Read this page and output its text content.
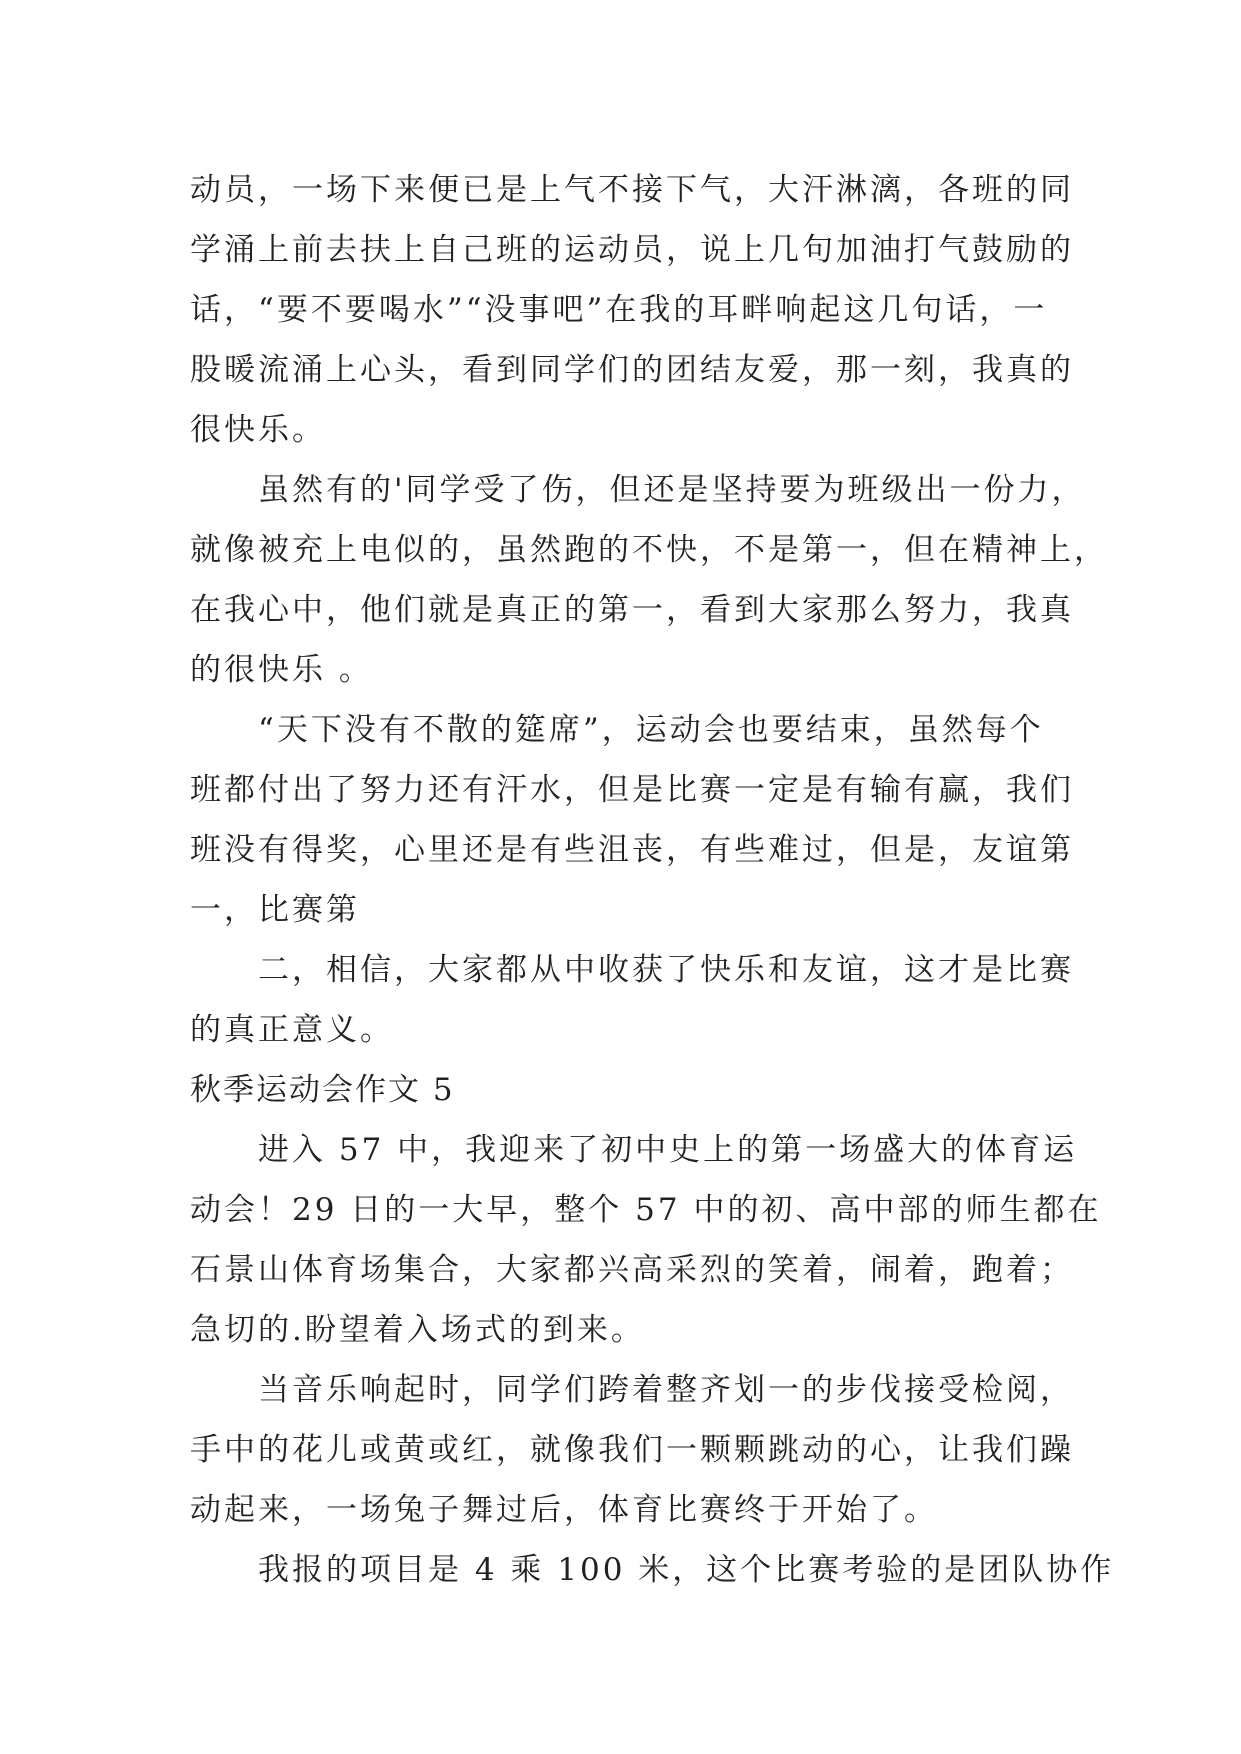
动员，一场下来便已是上气不接下气，大汗淋漓，各班的同
学涌上前去扶上自己班的运动员，说上几句加油打气鼓励的
话，“要不要喝水”“没事吧”在我的耳畔响起这几句话，一
股暖流涌上心头，看到同学们的团结友爱，那一刻，我真的
很快乐。
虽然有的'同学受了伤，但还是坚持要为班级出一份力，
就像被充上电似的，虽然跑的不快，不是第一，但在精神上，
在我心中，他们就是真正的第一，看到大家那么努力，我真
的很快乐 。
“天下没有不散的筵席”，运动会也要结束，虽然每个
班都付出了努力还有汗水，但是比赛一定是有输有赢，我们
班没有得奖，心里还是有些沮丧，有些难过，但是，友谊第
一，比赛第
二，相信，大家都从中收获了快乐和友谊，这才是比赛
的真正意义。
秋季运动会作文 5
进入 57 中，我迎来了初中史上的第一场盛大的体育运
动会！29 日的一大早，整个 57 中的初、高中部的师生都在
石景山体育场集合，大家都兴高采烈的笑着，闹着，跑着；
急切的.盼望着入场式的到来。
当音乐响起时，同学们跨着整齐划一的步伐接受检阅，
手中的花儿或黄或红，就像我们一颗颗跳动的心，让我们躁
动起来，一场兔子舞过后，体育比赛终于开始了。
我报的项目是 4 乘 100 米，这个比赛考验的是团队协作
